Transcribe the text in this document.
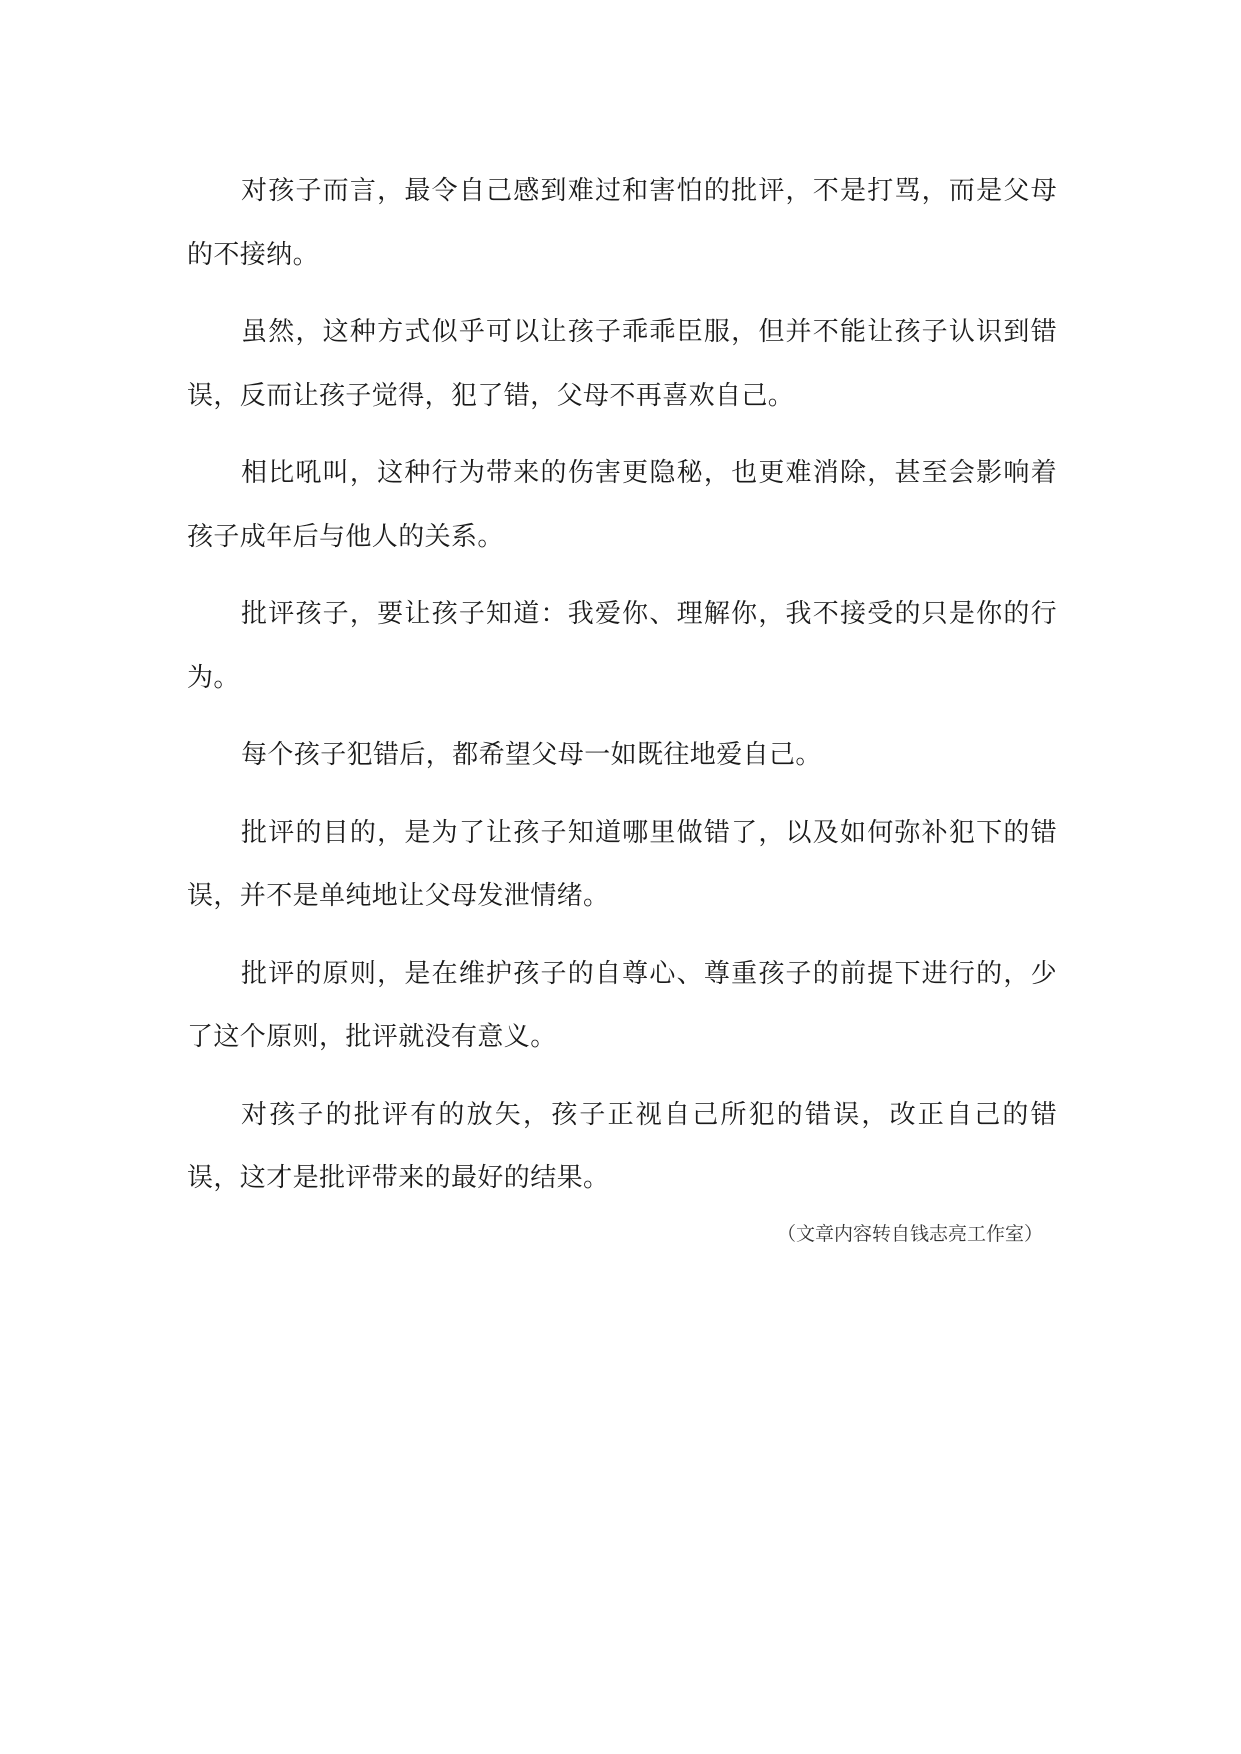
对孩子而言，最令自己感到难过和害怕的批评，不是打骂，而是父母的不接纳。

虽然，这种方式似乎可以让孩子乖乖臣服，但并不能让孩子认识到错误，反而让孩子觉得，犯了错，父母不再喜欢自己。

相比吼叫，这种行为带来的伤害更隐秘，也更难消除，甚至会影响着孩子成年后与他人的关系。

批评孩子，要让孩子知道：我爱你、理解你，我不接受的只是你的行为。

每个孩子犯错后，都希望父母一如既往地爱自己。

批评的目的，是为了让孩子知道哪里做错了，以及如何弥补犯下的错误，并不是单纯地让父母发泄情绪。

批评的原则，是在维护孩子的自尊心、尊重孩子的前提下进行的，少了这个原则，批评就没有意义。

对孩子的批评有的放矢，孩子正视自己所犯的错误，改正自己的错误，这才是批评带来的最好的结果。

（文章内容转自钱志亮工作室）
